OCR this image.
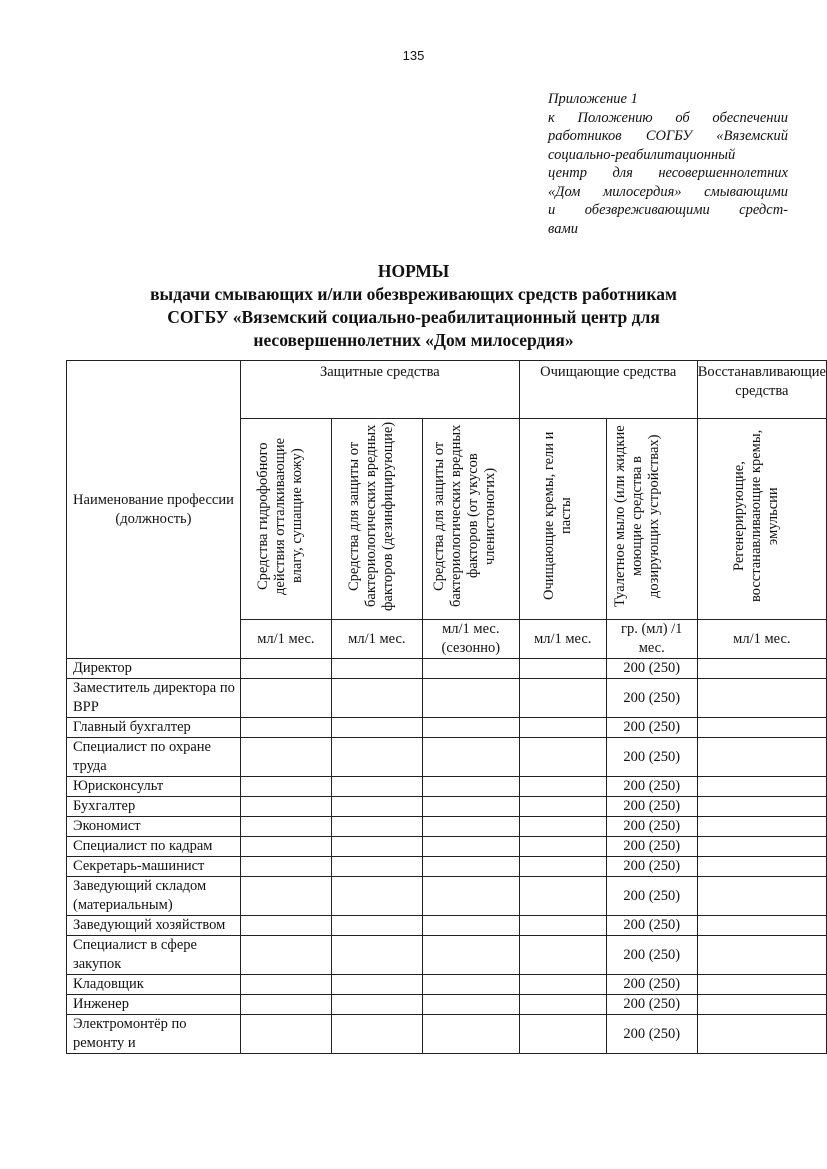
135
Приложение 1
к Положению об обеспечении
работников СОГБУ «Вяземский
социально-реабилитационный
центр для несовершеннолетних
«Дом милосердия» смывающими
и обезвреживающими средст-
вами
НОРМЫ
выдачи смывающих и/или обезвреживающих средств работникам
СОГБУ «Вяземский социально-реабилитационный центр для
несовершеннолетних «Дом милосердия»
Наименование профессии (должность)	Защитные средства			Очищающие средства		Восстанавливающие средства
	Средства гидрофобного действия отталкивающие влагу, сушащие кожу)	Средства для защиты от бактериологических вредных факторов (дезинфицирующие)	Средства для защиты от бактериологических вредных факторов (от укусов членистоногих)	Очищающие кремы, гели и пасты	Туалетное мыло (или жидкие моющие средства в дозирующих устройствах)	Регенерирующие, восстанавливающие кремы, эмульсии
	мл/1 мес.	мл/1 мес.	мл/1 мес. (сезонно)	мл/1 мес.	гр. (мл) /1 мес.	мл/1 мес.
Директор					200 (250)	
Заместитель директора по ВРР					200 (250)	
Главный бухгалтер					200 (250)	
Специалист по охране труда					200 (250)	
Юрисконсульт					200 (250)	
Бухгалтер					200 (250)	
Экономист					200 (250)	
Специалист по кадрам					200 (250)	
Секретарь-машинист					200 (250)	
Заведующий складом (материальным)					200 (250)	
Заведующий хозяйством					200 (250)	
Специалист в сфере закупок					200 (250)	
Кладовщик					200 (250)	
Инженер					200 (250)	
Электромонтёр по ремонту и					200 (250)	
